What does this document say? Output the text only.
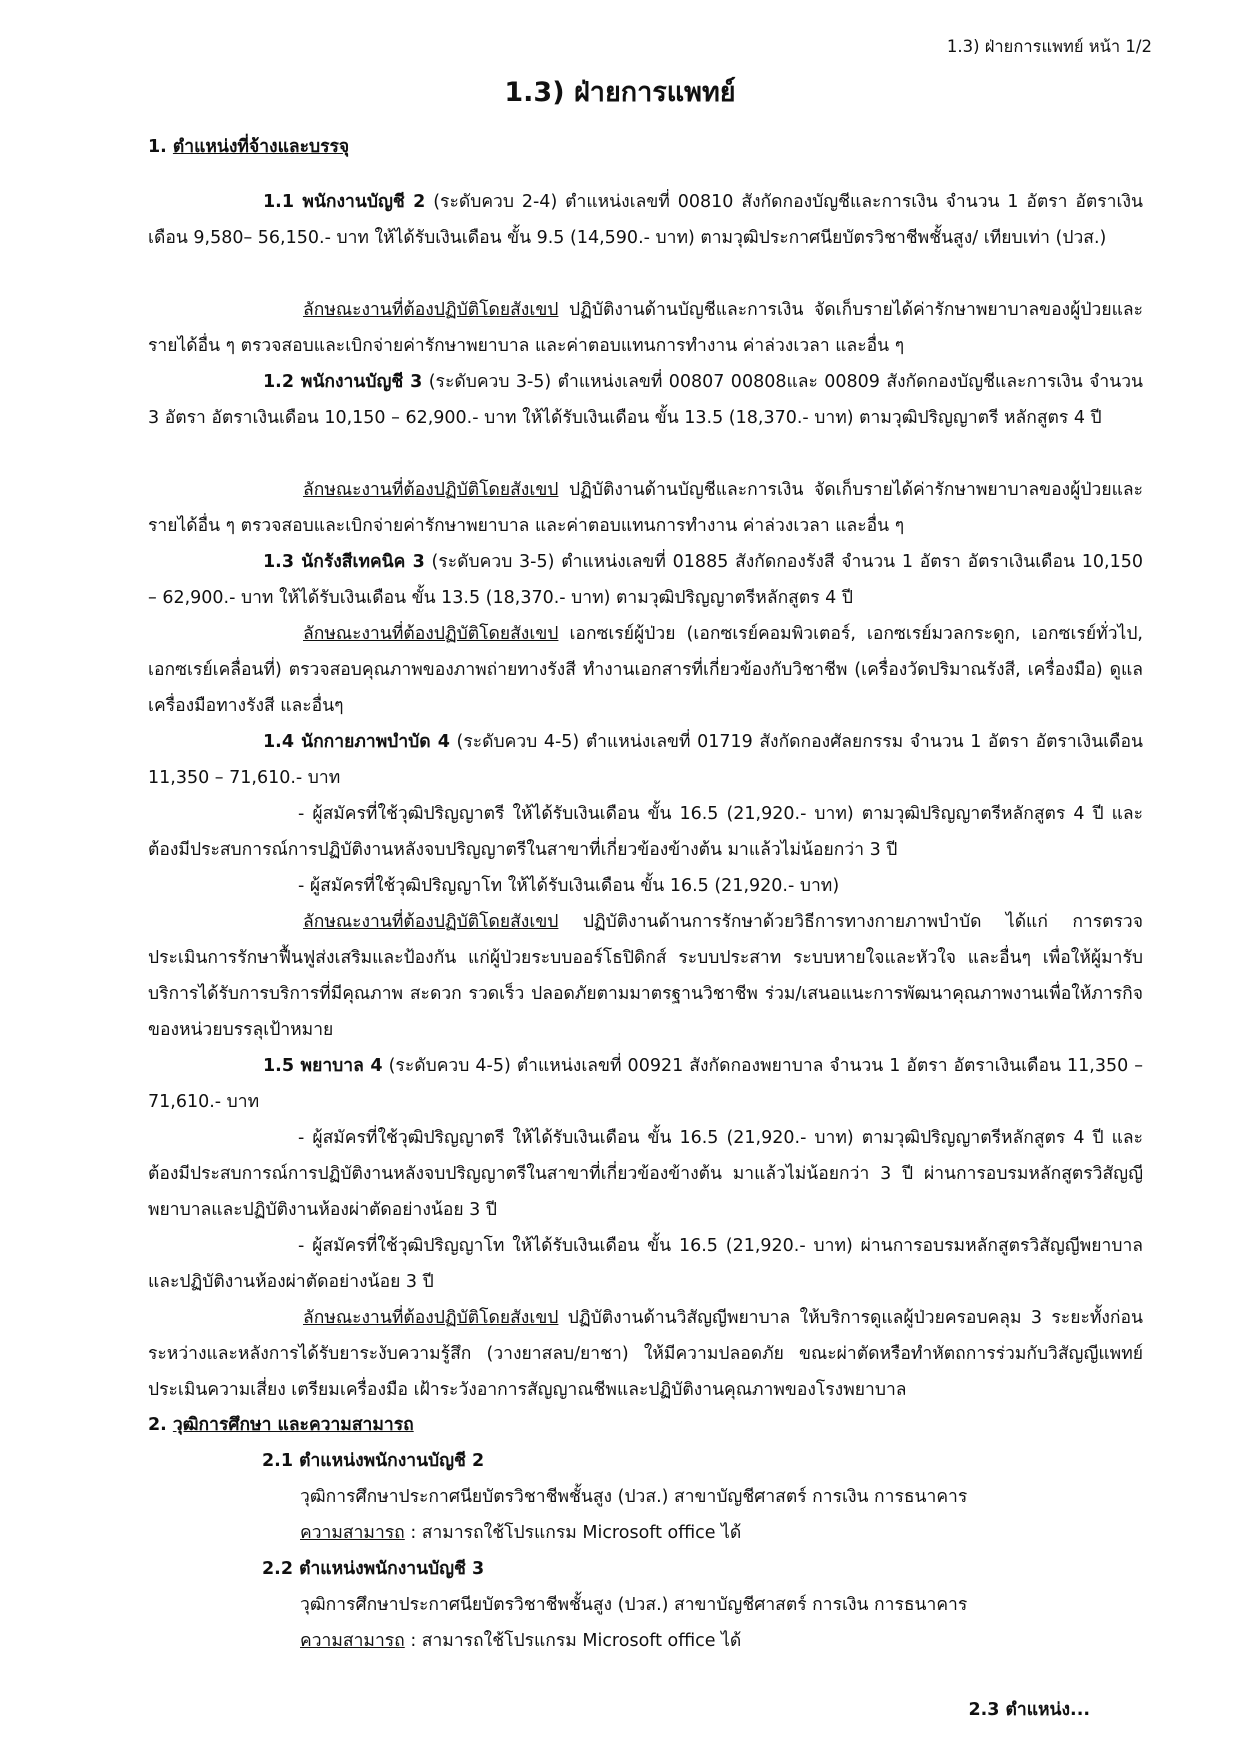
1.3) ฝ่ายการแพทย์ หน้า 1/2
1.3) ฝ่ายการแพทย์
1. ตำแหน่งที่จ้างและบรรจุ
1.1 พนักงานบัญชี 2 (ระดับควบ 2-4) ตำแหน่งเลขที่ 00810 สังกัดกองบัญชีและการเงิน จำนวน 1 อัตรา อัตราเงินเดือน 9,580– 56,150.- บาท ให้ได้รับเงินเดือน ขั้น 9.5 (14,590.- บาท) ตามวุฒิประกาศนียบัตรวิชาชีพชั้นสูง/ เทียบเท่า (ปวส.)
ลักษณะงานที่ต้องปฏิบัติโดยสังเขป ปฏิบัติงานด้านบัญชีและการเงิน จัดเก็บรายได้ค่ารักษาพยาบาลของผู้ป่วยและรายได้อื่น ๆ ตรวจสอบและเบิกจ่ายค่ารักษาพยาบาล และค่าตอบแทนการทำงาน ค่าล่วงเวลา และอื่น ๆ
1.2 พนักงานบัญชี 3 (ระดับควบ 3-5) ตำแหน่งเลขที่ 00807 00808และ 00809 สังกัดกองบัญชีและการเงิน จำนวน 3 อัตรา อัตราเงินเดือน 10,150 – 62,900.- บาท ให้ได้รับเงินเดือน ขั้น 13.5 (18,370.- บาท) ตามวุฒิปริญญาตรี หลักสูตร 4 ปี
ลักษณะงานที่ต้องปฏิบัติโดยสังเขป ปฏิบัติงานด้านบัญชีและการเงิน จัดเก็บรายได้ค่ารักษาพยาบาลของผู้ป่วยและรายได้อื่น ๆ ตรวจสอบและเบิกจ่ายค่ารักษาพยาบาล และค่าตอบแทนการทำงาน ค่าล่วงเวลา และอื่น ๆ
1.3 นักรังสีเทคนิค 3 (ระดับควบ 3-5) ตำแหน่งเลขที่ 01885 สังกัดกองรังสี จำนวน 1 อัตรา อัตราเงินเดือน 10,150 – 62,900.- บาท ให้ได้รับเงินเดือน ขั้น 13.5 (18,370.- บาท) ตามวุฒิปริญญาตรีหลักสูตร 4 ปี
ลักษณะงานที่ต้องปฏิบัติโดยสังเขป เอกซเรย์ผู้ป่วย (เอกซเรย์คอมพิวเตอร์, เอกซเรย์มวลกระดูก, เอกซเรย์ทั่วไป, เอกซเรย์เคลื่อนที่) ตรวจสอบคุณภาพของภาพถ่ายทางรังสี ทำงานเอกสารที่เกี่ยวข้องกับวิชาชีพ (เครื่องวัดปริมาณรังสี, เครื่องมือ) ดูแลเครื่องมือทางรังสี และอื่นๆ
1.4 นักกายภาพบำบัด 4 (ระดับควบ 4-5) ตำแหน่งเลขที่ 01719 สังกัดกองศัลยกรรม จำนวน 1 อัตรา อัตราเงินเดือน 11,350 – 71,610.- บาท
- ผู้สมัครที่ใช้วุฒิปริญญาตรี ให้ได้รับเงินเดือน ขั้น 16.5 (21,920.- บาท) ตามวุฒิปริญญาตรีหลักสูตร 4 ปี และต้องมีประสบการณ์การปฏิบัติงานหลังจบปริญญาตรีในสาขาที่เกี่ยวข้องข้างต้น มาแล้วไม่น้อยกว่า 3 ปี
- ผู้สมัครที่ใช้วุฒิปริญญาโท ให้ได้รับเงินเดือน ขั้น 16.5 (21,920.- บาท)
ลักษณะงานที่ต้องปฏิบัติโดยสังเขป ปฏิบัติงานด้านการรักษาด้วยวิธีการทางกายภาพบำบัด ได้แก่ การตรวจประเมินการรักษาฟื้นฟูส่งเสริมและป้องกัน แก่ผู้ป่วยระบบออร์โธปิดิกส์ ระบบประสาท ระบบหายใจและหัวใจ และอื่นๆ เพื่อให้ผู้มารับบริการได้รับการบริการที่มีคุณภาพ สะดวก รวดเร็ว ปลอดภัยตามมาตรฐานวิชาชีพ ร่วม/เสนอแนะการพัฒนาคุณภาพงานเพื่อให้ภารกิจของหน่วยบรรลุเป้าหมาย
1.5 พยาบาล 4 (ระดับควบ 4-5) ตำแหน่งเลขที่ 00921 สังกัดกองพยาบาล จำนวน 1 อัตรา อัตราเงินเดือน 11,350 – 71,610.- บาท
- ผู้สมัครที่ใช้วุฒิปริญญาตรี ให้ได้รับเงินเดือน ขั้น 16.5 (21,920.- บาท) ตามวุฒิปริญญาตรีหลักสูตร 4 ปี และต้องมีประสบการณ์การปฏิบัติงานหลังจบปริญญาตรีในสาขาที่เกี่ยวข้องข้างต้น มาแล้วไม่น้อยกว่า 3 ปี ผ่านการอบรมหลักสูตรวิสัญญีพยาบาลและปฏิบัติงานห้องผ่าตัดอย่างน้อย 3 ปี
- ผู้สมัครที่ใช้วุฒิปริญญาโท ให้ได้รับเงินเดือน ขั้น 16.5 (21,920.- บาท) ผ่านการอบรมหลักสูตรวิสัญญีพยาบาลและปฏิบัติงานห้องผ่าตัดอย่างน้อย 3 ปี
ลักษณะงานที่ต้องปฏิบัติโดยสังเขป ปฏิบัติงานด้านวิสัญญีพยาบาล ให้บริการดูแลผู้ป่วยครอบคลุม 3 ระยะทั้งก่อนระหว่างและหลังการได้รับยาระงับความรู้สึก (วางยาสลบ/ยาชา) ให้มีความปลอดภัย ขณะผ่าตัดหรือทำหัตถการร่วมกับวิสัญญีแพทย์ ประเมินความเสี่ยง เตรียมเครื่องมือ เฝ้าระวังอาการสัญญาณชีพและปฏิบัติงานคุณภาพของโรงพยาบาล
2. วุฒิการศึกษา และความสามารถ
2.1 ตำแหน่งพนักงานบัญชี 2
วุฒิการศึกษาประกาศนียบัตรวิชาชีพชั้นสูง (ปวส.) สาขาบัญชีศาสตร์ การเงิน การธนาคาร
ความสามารถ : สามารถใช้โปรแกรม Microsoft office ได้
2.2 ตำแหน่งพนักงานบัญชี 3
วุฒิการศึกษาประกาศนียบัตรวิชาชีพชั้นสูง (ปวส.) สาขาบัญชีศาสตร์ การเงิน การธนาคาร
ความสามารถ : สามารถใช้โปรแกรม Microsoft office ได้
2.3 ตำแหน่ง...
